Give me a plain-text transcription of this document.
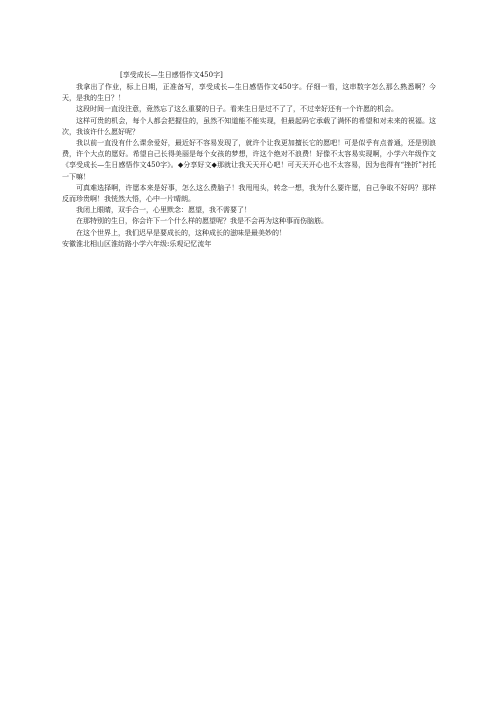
[享受成长—生日感悟作文450字]

我拿出了作业，标上日期，正准备写，享受成长—生日感悟作文450字。仔细一看，这串数字怎么那么熟悉啊？今天，是我的生日？！

这段时间一直没注意，竟然忘了这么重要的日子。看来生日是过不了了，不过幸好还有一个许愿的机会。

这样可贵的机会，每个人都会把握住的，虽然不知道能不能实现，但最起码它承载了满怀的希望和对未来的祝福。这次，我该许什么愿好呢？

我以前一直没有什么课余爱好，最近好不容易发现了，就许个让我更加擅长它的愿吧！可是似乎有点普通，还是别浪费，许个大点的愿好。希望自己长得美丽是每个女孩的梦想，许这个绝对不浪费！好像不太容易实现啊，小学六年级作文《享受成长—生日感悟作文450字》。◆分享好文◆那就让我天天开心吧！可天天开心也不太容易，因为也得有“挫折”衬托一下嘛！

可真难选择啊，许愿本来是好事，怎么这么费脑子！我甩甩头，转念一想，我为什么要许愿，自己争取不好吗？那样反而珍贵啊！我恍然大悟，心中一片晴朗。

我闭上眼睛，双手合一，心里默念：愿望，我不需要了！

在那特别的生日，你会许下一个什么样的愿望呢？我是不会再为这种事而伤脑筋。

在这个世界上，我们迟早是要成长的，这种成长的滋味是最美妙的！

安徽淮北相山区淮纺路小学六年级:乐观记忆流年
